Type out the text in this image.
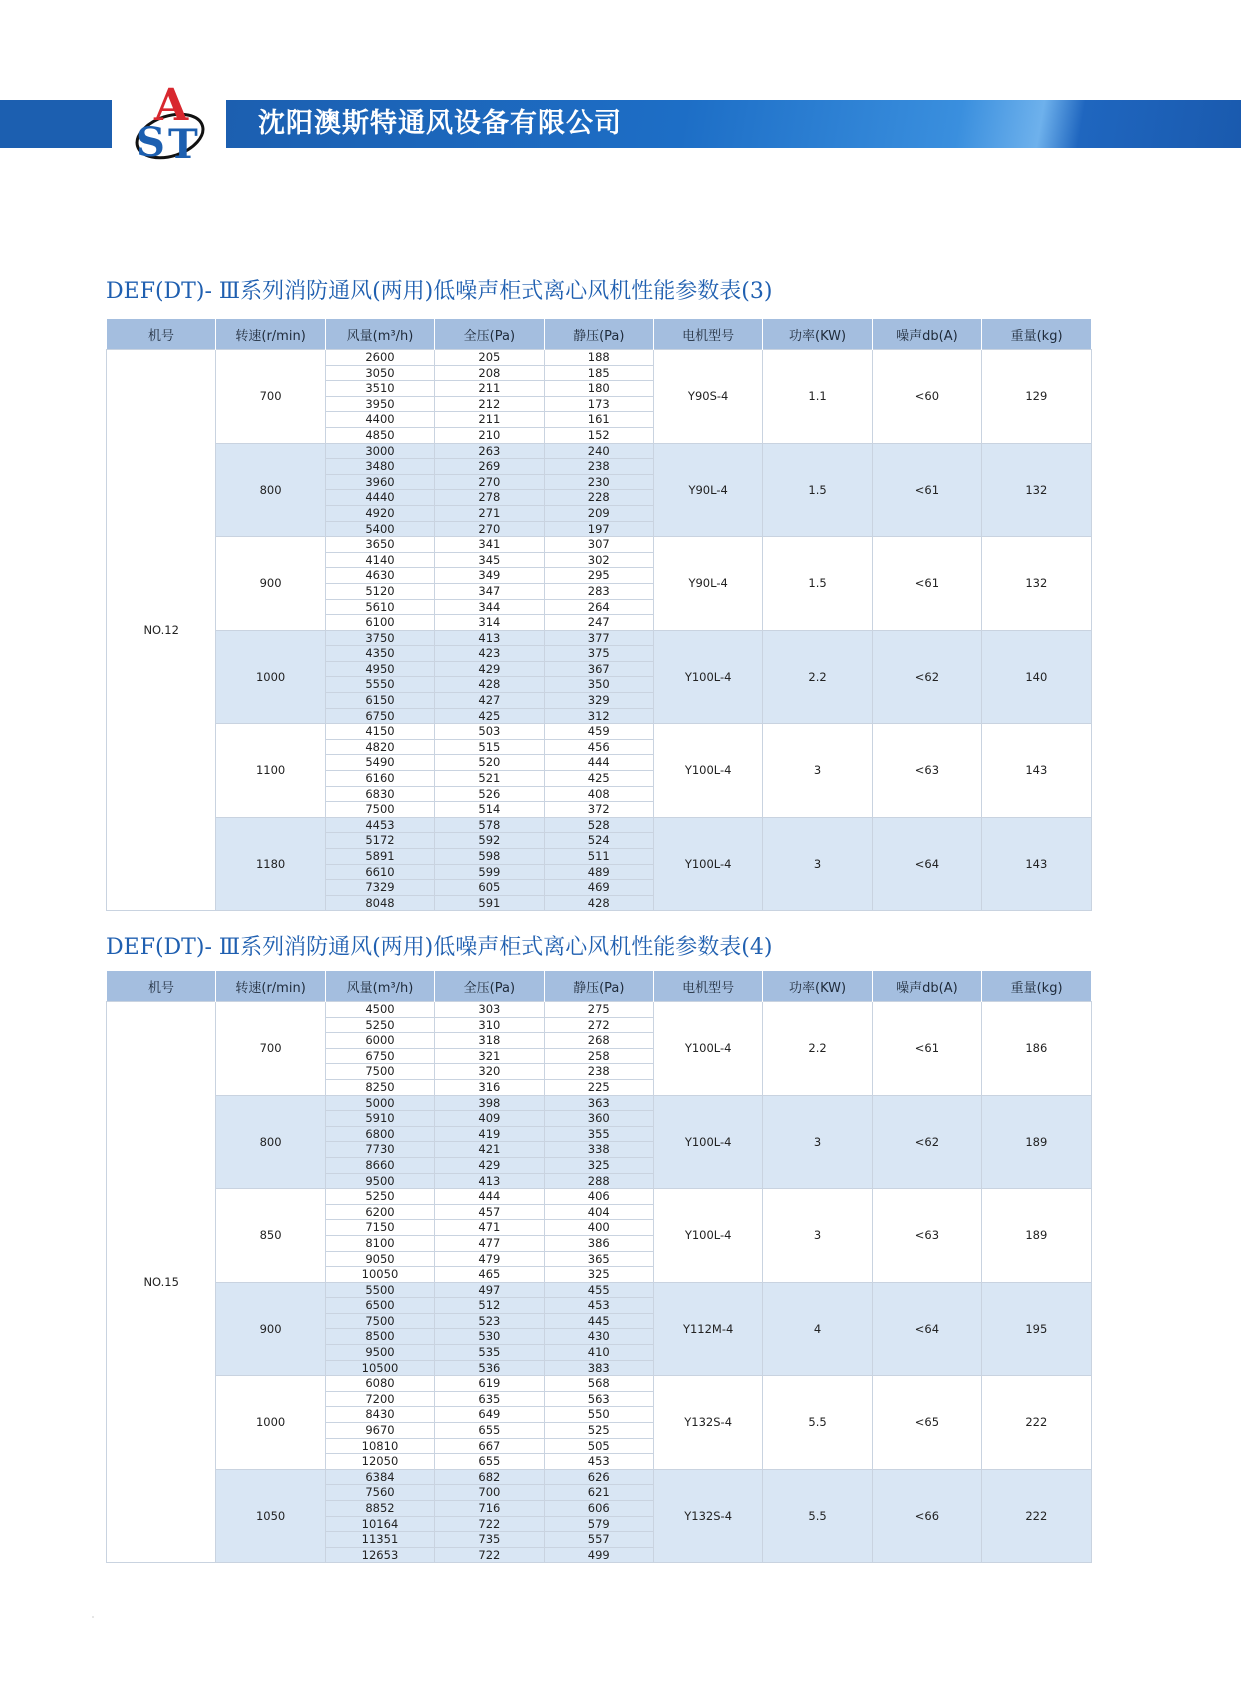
A
S T 沈阳澳斯特通风设备有限公司
DEF(DT)- Ⅲ系列消防通风(两用)低噪声柜式离心风机性能参数表(3)
机号	转速(r/min)	风量(m³/h)	全压(Pa)	静压(Pa)	电机型号	功率(KW)	噪声db(A)	重量(kg)
NO.12	700	2600	205	188	Y90S-4	1.1	<60	129
		3050	208	185				
		3510	211	180				
		3950	212	173				
		4400	211	161				
		4850	210	152				
	800	3000	263	240	Y90L-4	1.5	<61	132
		3480	269	238				
		3960	270	230				
		4440	278	228				
		4920	271	209				
		5400	270	197				
	900	3650	341	307	Y90L-4	1.5	<61	132
		4140	345	302				
		4630	349	295				
		5120	347	283				
		5610	344	264				
		6100	314	247				
	1000	3750	413	377	Y100L-4	2.2	<62	140
		4350	423	375				
		4950	429	367				
		5550	428	350				
		6150	427	329				
		6750	425	312				
	1100	4150	503	459	Y100L-4	3	<63	143
		4820	515	456				
		5490	520	444				
		6160	521	425				
		6830	526	408				
		7500	514	372				
	1180	4453	578	528	Y100L-4	3	<64	143
		5172	592	524				
		5891	598	511				
		6610	599	489				
		7329	605	469				
		8048	591	428				
DEF(DT)- Ⅲ系列消防通风(两用)低噪声柜式离心风机性能参数表(4)
机号	转速(r/min)	风量(m³/h)	全压(Pa)	静压(Pa)	电机型号	功率(KW)	噪声db(A)	重量(kg)
NO.15	700	4500	303	275	Y100L-4	2.2	<61	186
		5250	310	272				
		6000	318	268				
		6750	321	258				
		7500	320	238				
		8250	316	225				
	800	5000	398	363	Y100L-4	3	<62	189
		5910	409	360				
		6800	419	355				
		7730	421	338				
		8660	429	325				
		9500	413	288				
	850	5250	444	406	Y100L-4	3	<63	189
		6200	457	404				
		7150	471	400				
		8100	477	386				
		9050	479	365				
		10050	465	325				
	900	5500	497	455	Y112M-4	4	<64	195
		6500	512	453				
		7500	523	445				
		8500	530	430				
		9500	535	410				
		10500	536	383				
	1000	6080	619	568	Y132S-4	5.5	<65	222
		7200	635	563				
		8430	649	550				
		9670	655	525				
		10810	667	505				
		12050	655	453				
	1050	6384	682	626	Y132S-4	5.5	<66	222
		7560	700	621				
		8852	716	606				
		10164	722	579				
		11351	735	557				
		12653	722	499				
